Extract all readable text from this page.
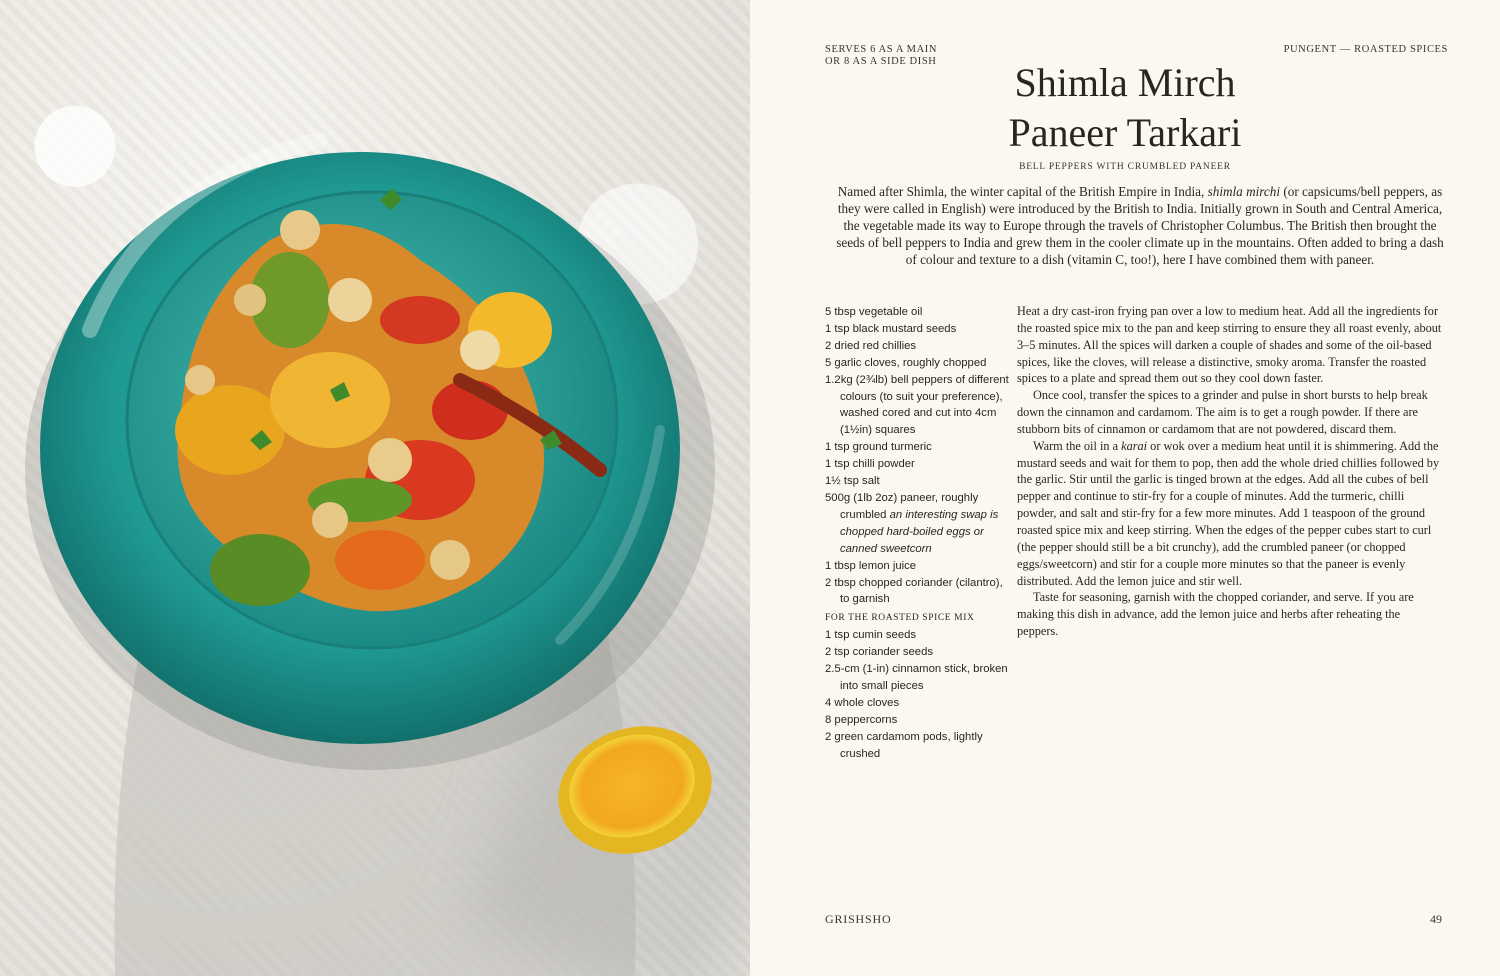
SERVES 6 AS A MAIN
OR 8 AS A SIDE DISH
PUNGENT — ROASTED SPICES
Shimla Mirch
Paneer Tarkari
BELL PEPPERS WITH CRUMBLED PANEER

Named after Shimla, the winter capital of the British Empire in India, shimla mirchi (or capsicums/bell peppers, as they were called in English) were introduced by the British to India. Initially grown in South and Central America, the vegetable made its way to Europe through the travels of Christopher Columbus. The British then brought the seeds of bell peppers to India and grew them in the cooler climate up in the mountains. Often added to bring a dash of colour and texture to a dish (vitamin C, too!), here I have combined them with paneer.

5 tbsp vegetable oil
1 tsp black mustard seeds
2 dried red chillies
5 garlic cloves, roughly chopped
1.2kg (2¾lb) bell peppers of different colours (to suit your preference), washed cored and cut into 4cm (1½in) squares
1 tsp ground turmeric
1 tsp chilli powder
1½ tsp salt
500g (1lb 2oz) paneer, roughly crumbled an interesting swap is chopped hard-boiled eggs or canned sweetcorn
1 tbsp lemon juice
2 tbsp chopped coriander (cilantro), to garnish
FOR THE ROASTED SPICE MIX
1 tsp cumin seeds
2 tsp coriander seeds
2.5-cm (1-in) cinnamon stick, broken into small pieces
4 whole cloves
8 peppercorns
2 green cardamom pods, lightly crushed

Heat a dry cast-iron frying pan over a low to medium heat. Add all the ingredients for the roasted spice mix to the pan and keep stirring to ensure they all roast evenly, about 3–5 minutes. All the spices will darken a couple of shades and some of the oil-based spices, like the cloves, will release a distinctive, smoky aroma. Transfer the roasted spices to a plate and spread them out so they cool down faster.

Once cool, transfer the spices to a grinder and pulse in short bursts to help break down the cinnamon and cardamom. The aim is to get a rough powder. If there are stubborn bits of cinnamon or cardamom that are not powdered, discard them.

Warm the oil in a karai or wok over a medium heat until it is shimmering. Add the mustard seeds and wait for them to pop, then add the whole dried chillies followed by the garlic. Stir until the garlic is tinged brown at the edges. Add all the cubes of bell pepper and continue to stir-fry for a couple of minutes. Add the turmeric, chilli powder, and salt and stir-fry for a few more minutes. Add 1 teaspoon of the ground roasted spice mix and keep stirring. When the edges of the pepper cubes start to curl (the pepper should still be a bit crunchy), add the crumbled paneer (or chopped eggs/sweetcorn) and stir for a couple more minutes so that the paneer is evenly distributed. Add the lemon juice and stir well.

Taste for seasoning, garnish with the chopped coriander, and serve. If you are making this dish in advance, add the lemon juice and herbs after reheating the peppers.

GRISHSHO	49
